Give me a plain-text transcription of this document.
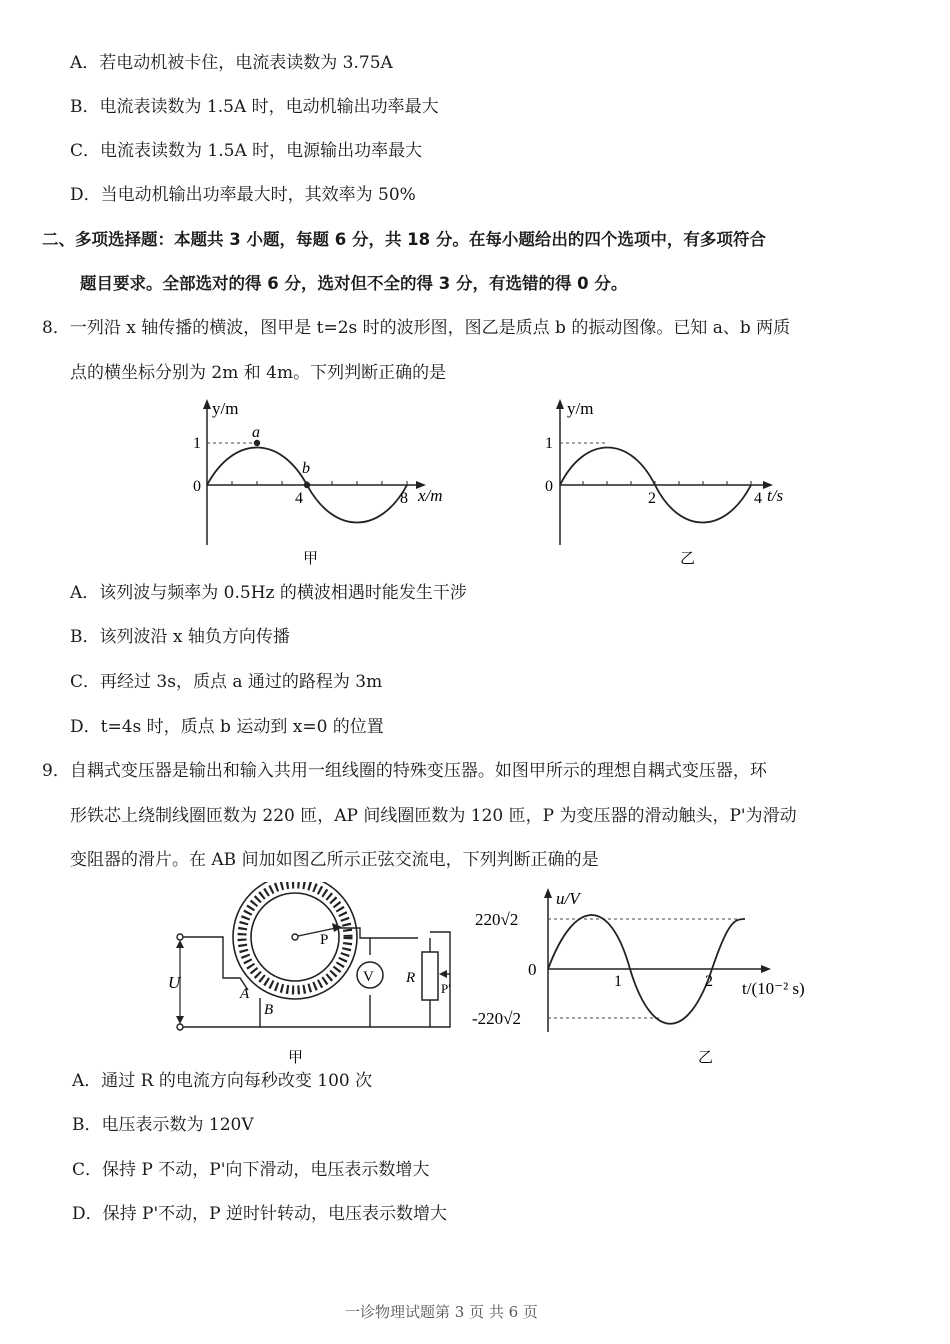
A．若电动机被卡住，电流表读数为 3.75A
B．电流表读数为 1.5A 时，电动机输出功率最大
C．电流表读数为 1.5A 时，电源输出功率最大
D．当电动机输出功率最大时，其效率为 50%
二、多项选择题：本题共 3 小题，每题 6 分，共 18 分。在每小题给出的四个选项中，有多项符合
题目要求。全部选对的得 6 分，选对但不全的得 3 分，有选错的得 0 分。
8．一列沿 x 轴传播的横波，图甲是 t=2s 时的波形图，图乙是质点 b 的振动图像。已知 a、b 两质
点的横坐标分别为 2m 和 4m。下列判断正确的是
y/m
1
0
4	8 x/m
a
b
甲
y/m
1
0
2	4 t/s
乙
A．该列波与频率为 0.5Hz 的横波相遇时能发生干涉
B．该列波沿 x 轴负方向传播
C．再经过 3s，质点 a 通过的路程为 3m
D．t=4s 时，质点 b 运动到 x=0 的位置
9．自耦式变压器是输出和输入共用一组线圈的特殊变压器。如图甲所示的理想自耦式变压器，环
形铁芯上绕制线圈匝数为 220 匝，AP 间线圈匝数为 120 匝，P 为变压器的滑动触头，P'为滑动
变阻器的滑片。在 AB 间加如图乙所示正弦交流电，下列判断正确的是
P
U
A
B
V R
P'
甲
u/V
220√2
0
-220√2
1	2 t/(10⁻² s)
乙
A．通过 R 的电流方向每秒改变 100 次
B．电压表示数为 120V
C．保持 P 不动，P'向下滑动，电压表示数增大
D．保持 P'不动，P 逆时针转动，电压表示数增大
一诊物理试题第 3 页 共 6 页
